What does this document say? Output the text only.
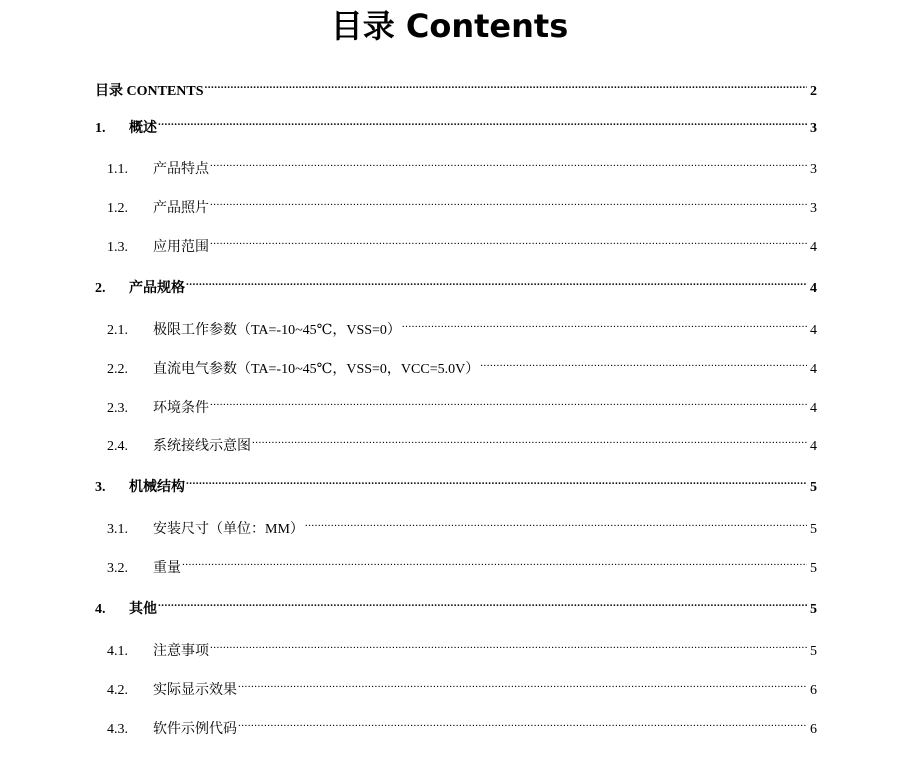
目录 Contents
目录 CONTENTS .....	2
1.	概述 .....	3
1.1.	产品特点 .....	3
1.2.	产品照片 .....	3
1.3.	应用范围 .....	4
2.	产品规格 .....	4
2.1.	极限工作参数（TA=-10~45℃，VSS=0） .....	4
2.2.	直流电气参数（TA=-10~45℃，VSS=0，VCC=5.0V） .....	4
2.3.	环境条件 .....	4
2.4.	系统接线示意图 .....	4
3.	机械结构 .....	5
3.1.	安装尺寸（单位：MM） .....	5
3.2.	重量 .....	5
4.	其他 .....	5
4.1.	注意事项 .....	5
4.2.	实际显示效果 .....	6
4.3.	软件示例代码 .....	6
